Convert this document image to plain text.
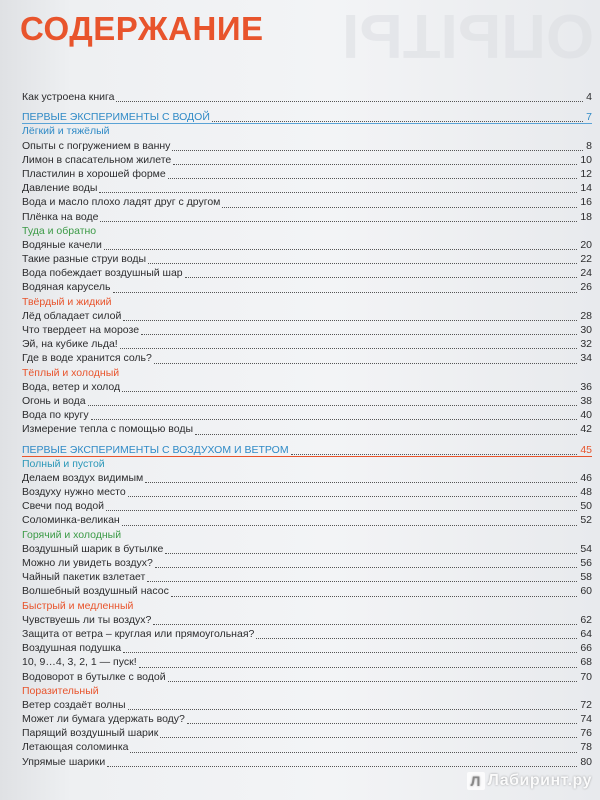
ОПЫТЫ
СОДЕРЖАНИЕ
Как устроена книга	4
ПЕРВЫЕ ЭКСПЕРИМЕНТЫ С ВОДОЙ	7
Лёгкий и тяжёлый
Опыты с погружением в ванну	8
Лимон в спасательном жилете	10
Пластилин в хорошей форме	12
Давление воды	14
Вода и масло плохо ладят друг с другом	16
Плёнка на воде	18
Туда и обратно
Водяные качели	20
Такие разные струи воды	22
Вода побеждает воздушный шар	24
Водяная карусель	26
Твёрдый и жидкий
Лёд обладает силой	28
Что твердеет на морозе	30
Эй, на кубике льда!	32
Где в воде хранится соль?	34
Тёплый и холодный
Вода, ветер и холод	36
Огонь и вода	38
Вода по кругу	40
Измерение тепла с помощью воды	42
ПЕРВЫЕ ЭКСПЕРИМЕНТЫ С ВОЗДУХОМ И ВЕТРОМ	45
Полный и пустой
Делаем воздух видимым	46
Воздуху нужно место	48
Свечи под водой	50
Соломинка-великан	52
Горячий и холодный
Воздушный шарик в бутылке	54
Можно ли увидеть воздух?	56
Чайный пакетик взлетает	58
Волшебный воздушный насос	60
Быстрый и медленный
Чувствуешь ли ты воздух?	62
Защита от ветра – круглая или прямоугольная?	64
Воздушная подушка	66
10, 9…4, 3, 2, 1 — пуск!	68
Водоворот в бутылке с водой	70
Поразительный
Ветер создаёт волны	72
Может ли бумага удержать воду?	74
Парящий воздушный шарик	76
Летающая соломинка	78
Упрямые шарики	80
Л Лабиринт.ру
